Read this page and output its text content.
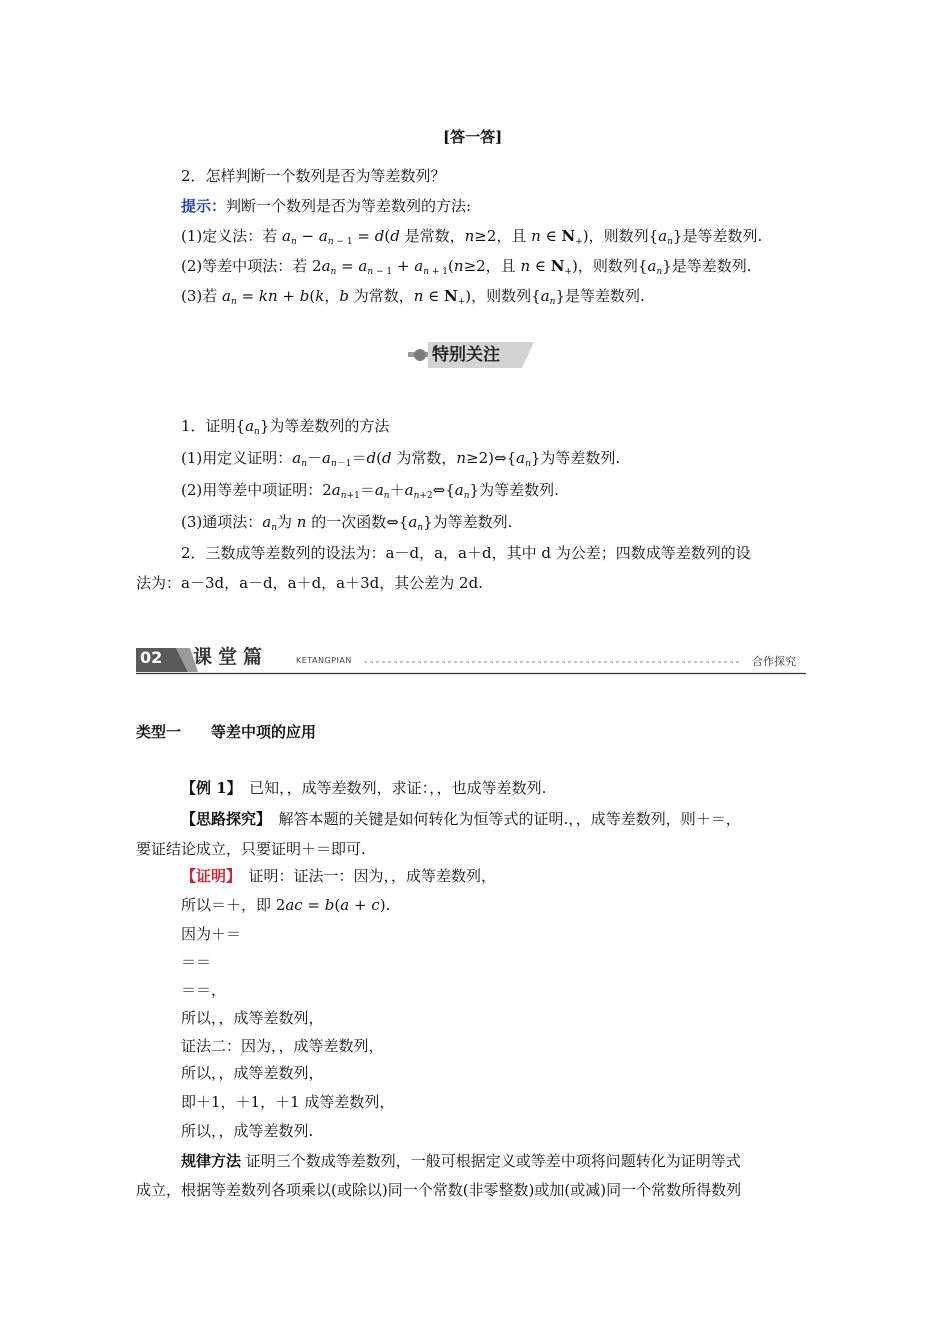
[答一答]
2．怎样判断一个数列是否为等差数列？
提示：判断一个数列是否为等差数列的方法:
(1)定义法：若 $a_n - a_n$ $_{- 1}$ = d(d 是常数，n≥2，且 n ∈ $N_+$)，则数列$\{a_n\}$是等差数列.
(2)等差中项法：若 $2a_n = a_n$ $_{- 1} + a_n$ $_{+ 1}$(n≥2，且 n ∈ $N_+$)，则数列$\{a_n\}$是等差数列.
(3)若 $a_n$ = kn + b(k，b 为常数，n ∈ $N_+$)，则数列$\{a_n\}$是等差数列.
特别关注
1．证明$\{a_n\}$为等差数列的方法
(1)用定义证明：$a_n-a_{n-1}=d(d$ 为常数，$n\ge 2)\Leftrightarrow\{a_n\}$为等差数列.
(2)用等差中项证明：$2a_{n+1}=a_n+a_{n+2}\Leftrightarrow\{a_n\}$为等差数列.
(3)通项法：$a_n$为 n 的一次函数$\Leftrightarrow\{a_n\}$为等差数列.
2．三数成等差数列的设法为：a－d，a，a＋d，其中 d 为公差；四数成等差数列的设
法为：a－3d，a－d，a＋d，a＋3d，其公差为 2d.
02 课堂篇	KETANGPIAN	合作探究
类型一　　等差中项的应用
【例 1】　已知，，成等差数列，求证：，，也成等差数列.
【思路探究】　解答本题的关键是如何转化为恒等式的证明.，，成等差数列，则＋＝，
要证结论成立，只要证明＋＝即可.
【证明】　证明：证法一：因为，，成等差数列，
所以＝＋，即 2ac = b(a + c).
因为＋＝
＝＝
＝＝，
所以，，成等差数列，
证法二：因为，，成等差数列，
所以，，成等差数列，
即＋1，＋1，＋1 成等差数列，
所以，，成等差数列.
规律方法 证明三个数成等差数列，一般可根据定义或等差中项将问题转化为证明等式
成立，根据等差数列各项乘以(或除以)同一个常数(非零整数)或加(或减)同一个常数所得数列
